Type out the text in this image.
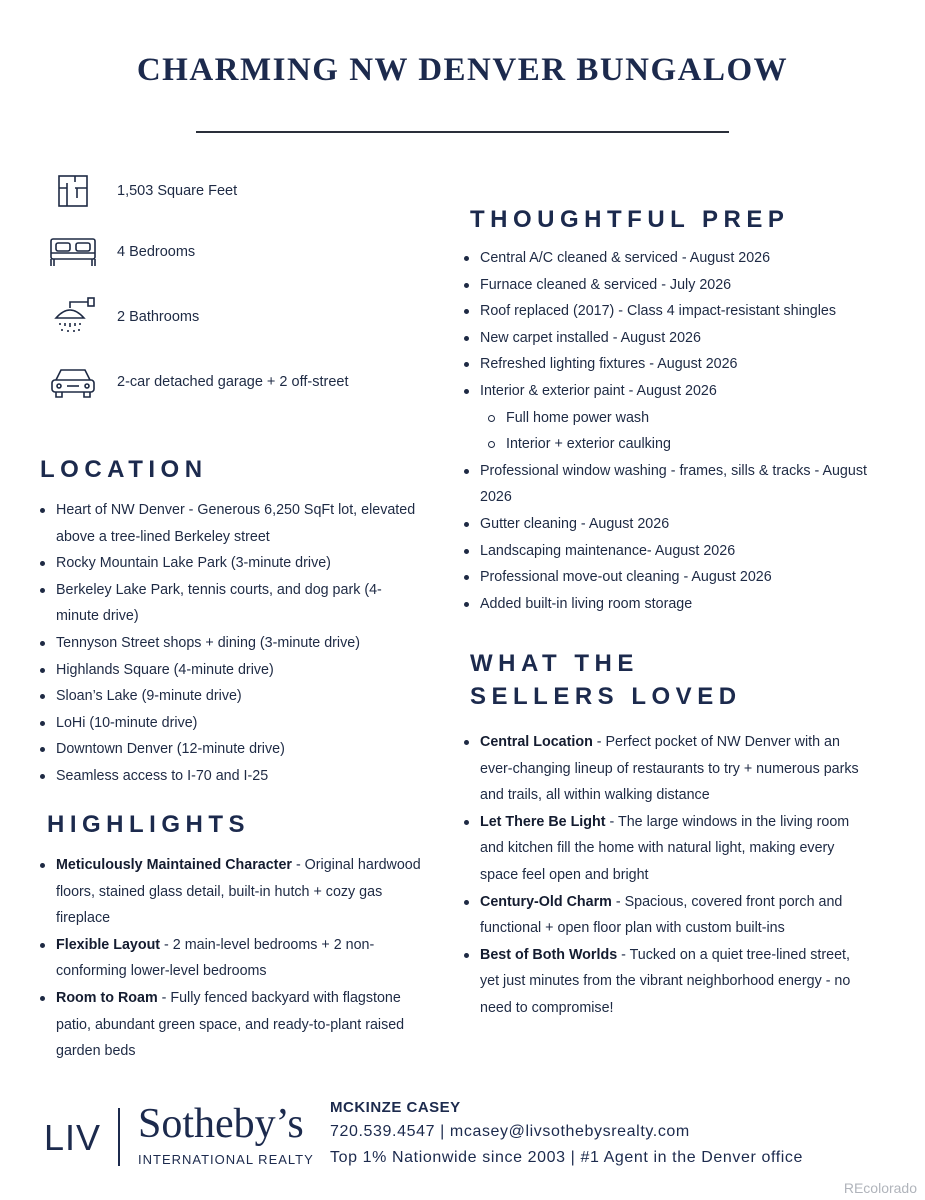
CHARMING NW DENVER BUNGALOW
1,503 Square Feet
4 Bedrooms
2 Bathrooms
2-car detached garage + 2 off-street
LOCATION
Heart of NW Denver - Generous 6,250 SqFt lot, elevated above a tree-lined Berkeley street
Rocky Mountain Lake Park (3-minute drive)
Berkeley Lake Park, tennis courts, and dog park (4-minute drive)
Tennyson Street shops + dining (3-minute drive)
Highlands Square (4-minute drive)
Sloan’s Lake (9-minute drive)
LoHi (10-minute drive)
Downtown Denver (12-minute drive)
Seamless access to I-70 and I-25
HIGHLIGHTS
Meticulously Maintained Character - Original hardwood floors, stained glass detail, built-in hutch + cozy gas fireplace
Flexible Layout - 2 main-level bedrooms + 2 non-conforming lower-level bedrooms
Room to Roam - Fully fenced backyard with flagstone patio, abundant green space, and ready-to-plant raised garden beds
THOUGHTFUL PREP
Central A/C cleaned & serviced - August 2026
Furnace cleaned & serviced - July 2026
Roof replaced (2017) - Class 4 impact-resistant shingles
New carpet installed - August 2026
Refreshed lighting fixtures - August 2026
Interior & exterior paint - August 2026
Full home power wash
Interior + exterior caulking
Professional window washing - frames, sills & tracks - August 2026
Gutter cleaning - August 2026
Landscaping maintenance- August 2026
Professional move-out cleaning - August 2026
Added built-in living room storage
WHAT THE
SELLERS LOVED
Central Location - Perfect pocket of NW Denver with an ever-changing lineup of restaurants to try + numerous parks and trails, all within walking distance
Let There Be Light - The large windows in the living room and kitchen fill the home with natural light, making every space feel open and bright
Century-Old Charm - Spacious, covered front porch and functional + open floor plan with custom built-ins
Best of Both Worlds - Tucked on a quiet tree-lined street, yet just minutes from the vibrant neighborhood energy - no need to compromise!
LIV Sotheby’s
INTERNATIONAL REALTY
MCKINZE CASEY
720.539.4547 | mcasey@livsothebysrealty.com
Top 1% Nationwide since 2003 | #1 Agent in the Denver office
REcolorado
